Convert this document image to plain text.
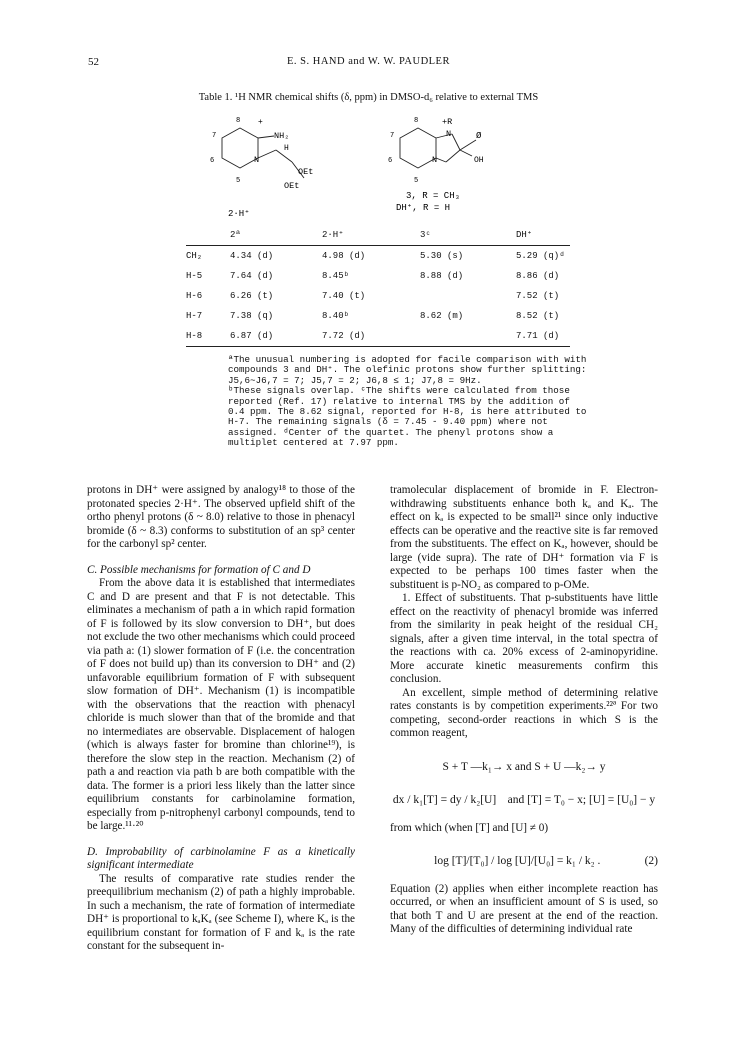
52	E. S. HAND and W. W. PAUDLER
Table 1. ¹H NMR chemical shifts (δ, ppm) in DMSO-d₆ relative to external TMS
8
7
6
5
NH₂
H
N
OEt
OEt
+
2·H⁺
8
7
6
5
+R
N
N	OH
Ø
3, R = CH₃
DH⁺, R = H
	2ª	2·H⁺	3ᶜ	DH⁺
CH₂	4.34 (d)	4.98 (d)	5.30 (s)	5.29 (q)ᵈ
H-5	7.64 (d)	8.45ᵇ	8.88 (d)	8.86 (d)
H-6	6.26 (t)	7.40 (t)		7.52 (t)
H-7	7.38 (q)	8.40ᵇ	8.62 (m)	8.52 (t)
H-8	6.87 (d)	7.72 (d)		7.71 (d)

ªThe unusual numbering is adopted for facile comparison with with compounds 3 and DH⁺. The olefinic protons show further splitting: J5,6~J6,7 = 7; J5,7 = 2; J6,8 ≤ 1; J7,8 = 9Hz.

ᵇThese signals overlap. ᶜThe shifts were calculated from those reported (Ref. 17) relative to internal TMS by the addition of 0.4 ppm. The 8.62 signal, reported for H-8, is here attributed to H-7. The remaining signals (δ = 7.45 - 9.40 ppm) where not assigned. ᵈCenter of the quartet. The phenyl protons show a multiplet centered at 7.97 ppm.

protons in DH⁺ were assigned by analogy¹⁸ to those of the protonated species 2·H⁺. The observed upfield shift of the ortho phenyl protons (δ ~ 8.0) relative to those in phenacyl bromide (δ ~ 8.3) conforms to substitution of an sp³ center for the carbonyl sp² center.

C. Possible mechanisms for formation of C and D

From the above data it is established that intermediates C and D are present and that F is not detectable. This eliminates a mechanism of path a in which rapid formation of F is followed by its slow conversion to DH⁺, but does not exclude the two other mechanisms which could proceed via path a: (1) slower formation of F (i.e. the concentration of F does not build up) than its conversion to DH⁺ and (2) unfavorable equilibrium formation of F with subsequent slow formation of DH⁺. Mechanism (1) is incompatible with the observations that the reaction with phenacyl chloride is much slower than that of the bromide and that no intermediates are observable. Displacement of halogen (which is always faster for bromine than chlorine¹⁹), is therefore the slow step in the reaction. Mechanism (2) of path a and reaction via path b are both compatible with the data. The former is a priori less likely than the latter since equilibrium constants for carbinolamine formation, especially from p-nitrophenyl carbonyl compounds, tend to be large.¹¹·²⁰

D. Improbability of carbinolamine F as a kinetically significant intermediate

The results of comparative rate studies render the preequilibrium mechanism (2) of path a highly improbable. In such a mechanism, the rate of formation of intermediate DH⁺ is proportional to kₐKₐ (see Scheme I), where Kₐ is the equilibrium constant for formation of F and kₐ is the rate constant for the subsequent in-

tramolecular displacement of bromide in F. Electron-withdrawing substituents enhance both kₐ and Kₐ. The effect on kₐ is expected to be small²¹ since only inductive effects can be operative and the reactive site is far removed from the substituents. The effect on Kₐ, however, should be large (vide supra). The rate of DH⁺ formation via F is expected to be perhaps 100 times faster when the substituent is p-NO₂ as compared to p-OMe.

1. Effect of substituents. That p-substituents have little effect on the reactivity of phenacyl bromide was inferred from the similarity in peak height of the residual CH₂ signals, after a given time interval, in the total spectra of the reactions with ca. 20% excess of 2-aminopyridine. More accurate kinetic measurements confirm this conclusion.

An excellent, simple method of determining relative rates constants is by competition experiments.²²ª For two competing, second-order reactions in which S is the common reagent,

S + T —k₁→ x and S + U —k₂→ y
dx / k₁[T] = dy / k₂[U] and [T] = T₀ − x; [U] = [U₀] − y

from which (when [T] and [U] ≠ 0)

log [T]/[T₀] / log [U]/[U₀] = k₁ / k₂ .	(2)

Equation (2) applies when either incomplete reaction has occurred, or when an insufficient amount of S is used, so that both T and U are present at the end of the reaction. Many of the difficulties of determining individual rate
